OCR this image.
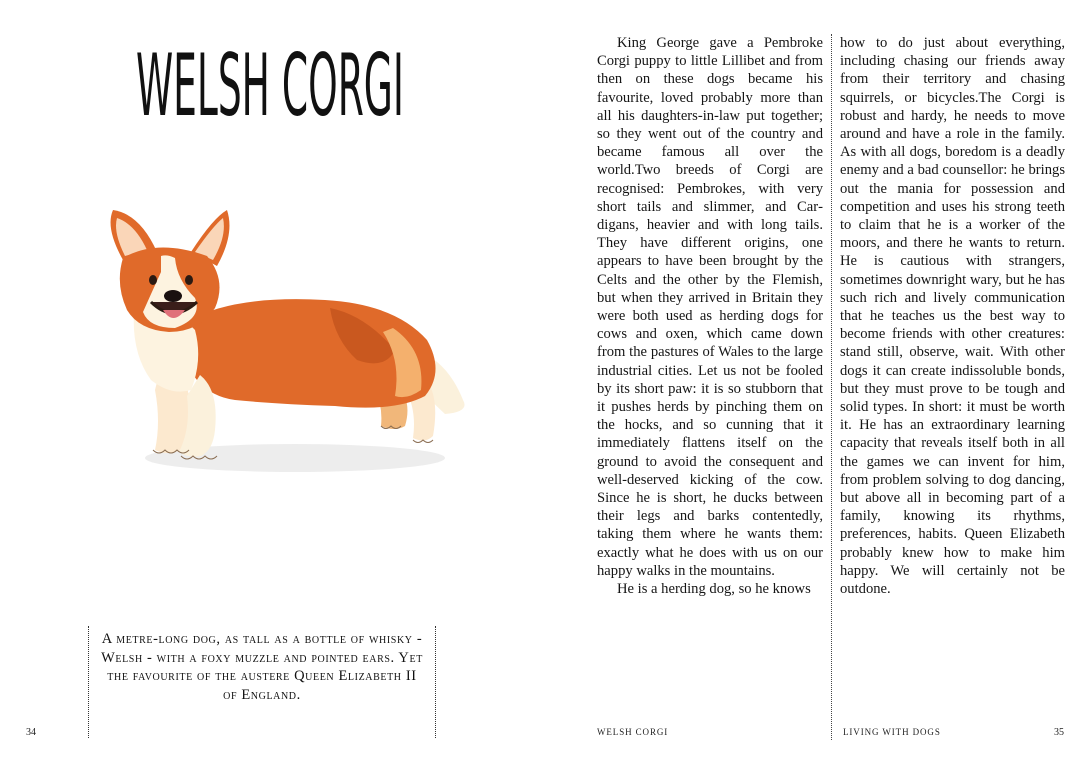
WELSH CORGI
A metre-long dog, as tall as a bottle of whisky - Welsh - with a foxy muzzle and pointed ears. Yet the favourite of the austere Queen Elizabeth II of England.
34

King George gave a Pembroke Corgi puppy to little Lillibet and from then on these dogs became his favourite, loved probably more than all his daughters-in-law put together; so they went out of the country and became famous all over the world.Two breeds of Corgi are recognised: Pembrokes, with very short tails and slimmer, and Cardigans, heavier and with long tails. They have different origins, one appears to have been brought by the Celts and the other by the Flemish, but when they arrived in Britain they were both used as herding dogs for cows and oxen, which came down from the pastures of Wales to the large industrial cities. Let us not be fooled by its short paw: it is so stubborn that it pushes herds by pinching them on the hocks, and so cunning that it immediately flattens itself on the ground to avoid the consequent and well-deserved kicking of the cow. Since he is short, he ducks between their legs and barks contentedly, taking them where he wants them: exactly what he does with us on our happy walks in the mountains.

He is a herding dog, so he knows

how to do just about everything, including chasing our friends away from their territory and chasing squirrels, or bicycles.The Corgi is robust and hardy, he needs to move around and have a role in the family. As with all dogs, boredom is a deadly enemy and a bad counsellor: he brings out the mania for possession and competition and uses his strong teeth to claim that he is a worker of the moors, and there he wants to return. He is cautious with strangers, sometimes downright wary, but he has such rich and lively communication that he teaches us the best way to become friends with other creatures: stand still, observe, wait. With other dogs it can create indissoluble bonds, but they must prove to be tough and solid types. In short: it must be worth it. He has an extraordinary learning capacity that reveals itself both in all the games we can invent for him, from problem solving to dog dancing, but above all in becoming part of a family, knowing its rhythms, preferences, habits. Queen Elizabeth probably knew how to make him happy. We will certainly not be outdone.

WELSH CORGI	LIVING WITH DOGS	35
